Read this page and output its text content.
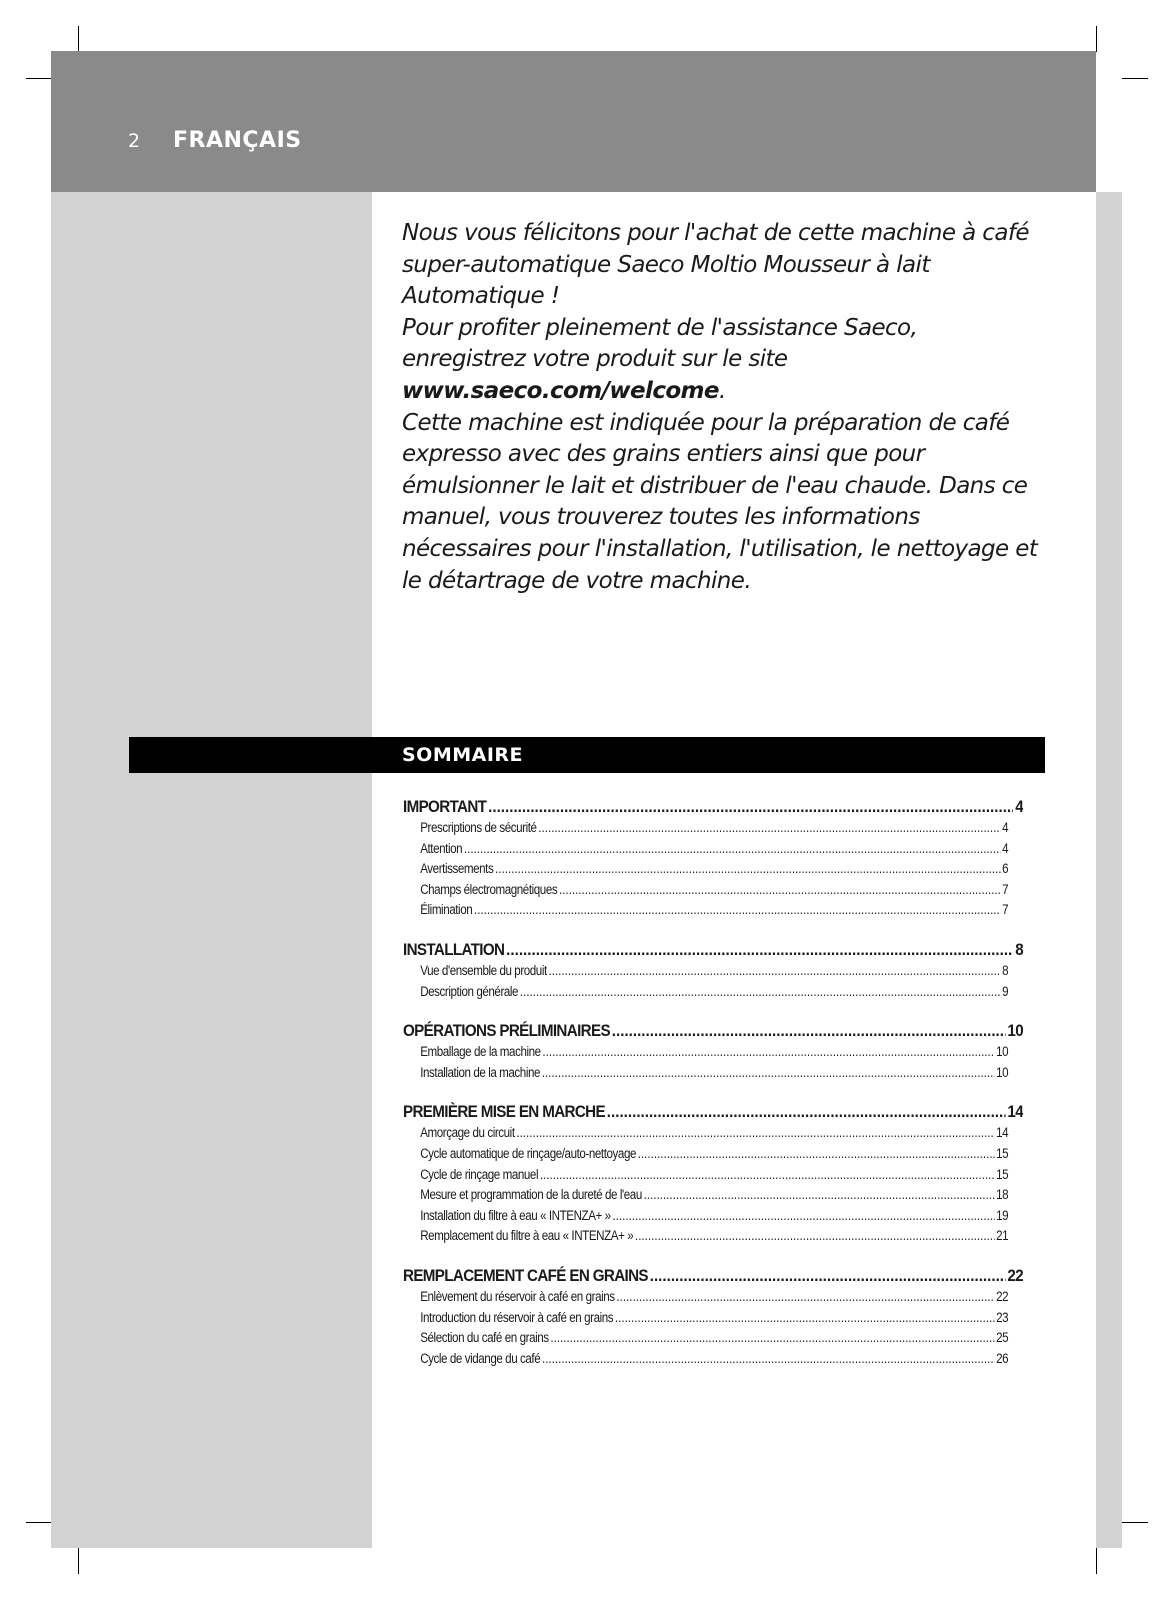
2 FRANÇAIS

Nous vous félicitons pour l'achat de cette machine à café super-automatique Saeco Moltio Mousseur à lait Automatique !

Pour profiter pleinement de l'assistance Saeco, enregistrez votre produit sur le site www.saeco.com/welcome.

Cette machine est indiquée pour la préparation de café expresso avec des grains entiers ainsi que pour émulsionner le lait et distribuer de l'eau chaude. Dans ce manuel, vous trouverez toutes les informations nécessaires pour l'installation, l'utilisation, le nettoyage et le détartrage de votre machine.

SOMMAIRE
IMPORTANT .....	4
Prescriptions de sécurité .....	4
Attention .....	4
Avertissements .....	6
Champs électromagnétiques .....	7
Élimination .....	7
INSTALLATION .....	8
Vue d'ensemble du produit .....	8
Description générale .....	9
OPÉRATIONS PRÉLIMINAIRES .....	10
Emballage de la machine .....	10
Installation de la machine .....	10
PREMIÈRE MISE EN MARCHE .....	14
Amorçage du circuit .....	14
Cycle automatique de rinçage/auto-nettoyage .....	15
Cycle de rinçage manuel .....	15
Mesure et programmation de la dureté de l'eau .....	18
Installation du filtre à eau « INTENZA+ » .....	19
Remplacement du filtre à eau « INTENZA+ » .....	21
REMPLACEMENT CAFÉ EN GRAINS .....	22
Enlèvement du réservoir à café en grains .....	22
Introduction du réservoir à café en grains .....	23
Sélection du café en grains .....	25
Cycle de vidange du café .....	26
